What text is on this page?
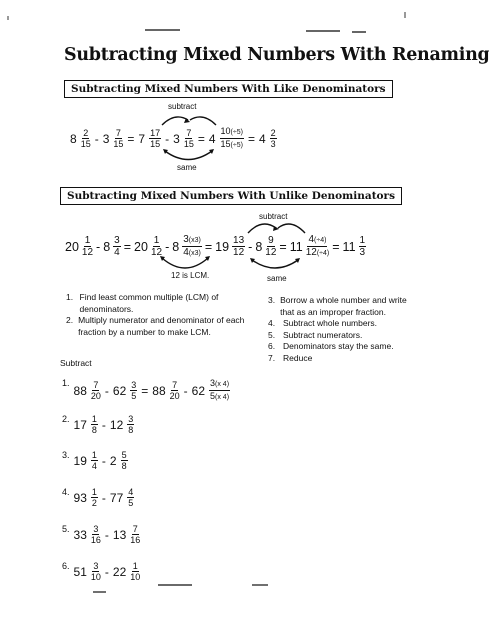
Subtracting Mixed Numbers With Renaming
Subtracting Mixed Numbers With Like Denominators
subtract
same
8 2
$15 - 3 \frac{7}{15} = 7$ 17
$15 - 3 \frac{7}{15} = 4 \frac{10(\div 5)}{15(\div 5)} = 4$ 2
3
Subtracting Mixed Numbers With Unlike Denominators
subtract
20 1
$12 - 8 \frac{3}{4} = 20$ 1
$12 - 8 \frac{3(x3)}{4(x3)} = 19$ 13
$12 - 8 \frac{9}{12} = 11 \frac{4(\div 4)}{12(\div 4)} = 11$ 1
3
12 is LCM.	same
1. Find least common multiple (LCM) of denominators.
2. Multiply numerator and denominator of each fraction by a number to make LCM.
3. Borrow a whole number and write that as an improper fraction.
4. Subtract whole numbers.
5. Subtract numerators.
6. Denominators stay the same.
7. Reduce
Subtract
1.
88 7
$20 - 62 \frac{3}{5} = 88$ 7
20 - 62
3(x 4)
5(x 4)
2. 17 1
8 - 12 3
8
3. 19 1
4 - 2 5
8
4. 93 1
2 - 77 4
5
5. 33 3
16 - 13 7
16
6. 51 3
10 - 22 1
10
